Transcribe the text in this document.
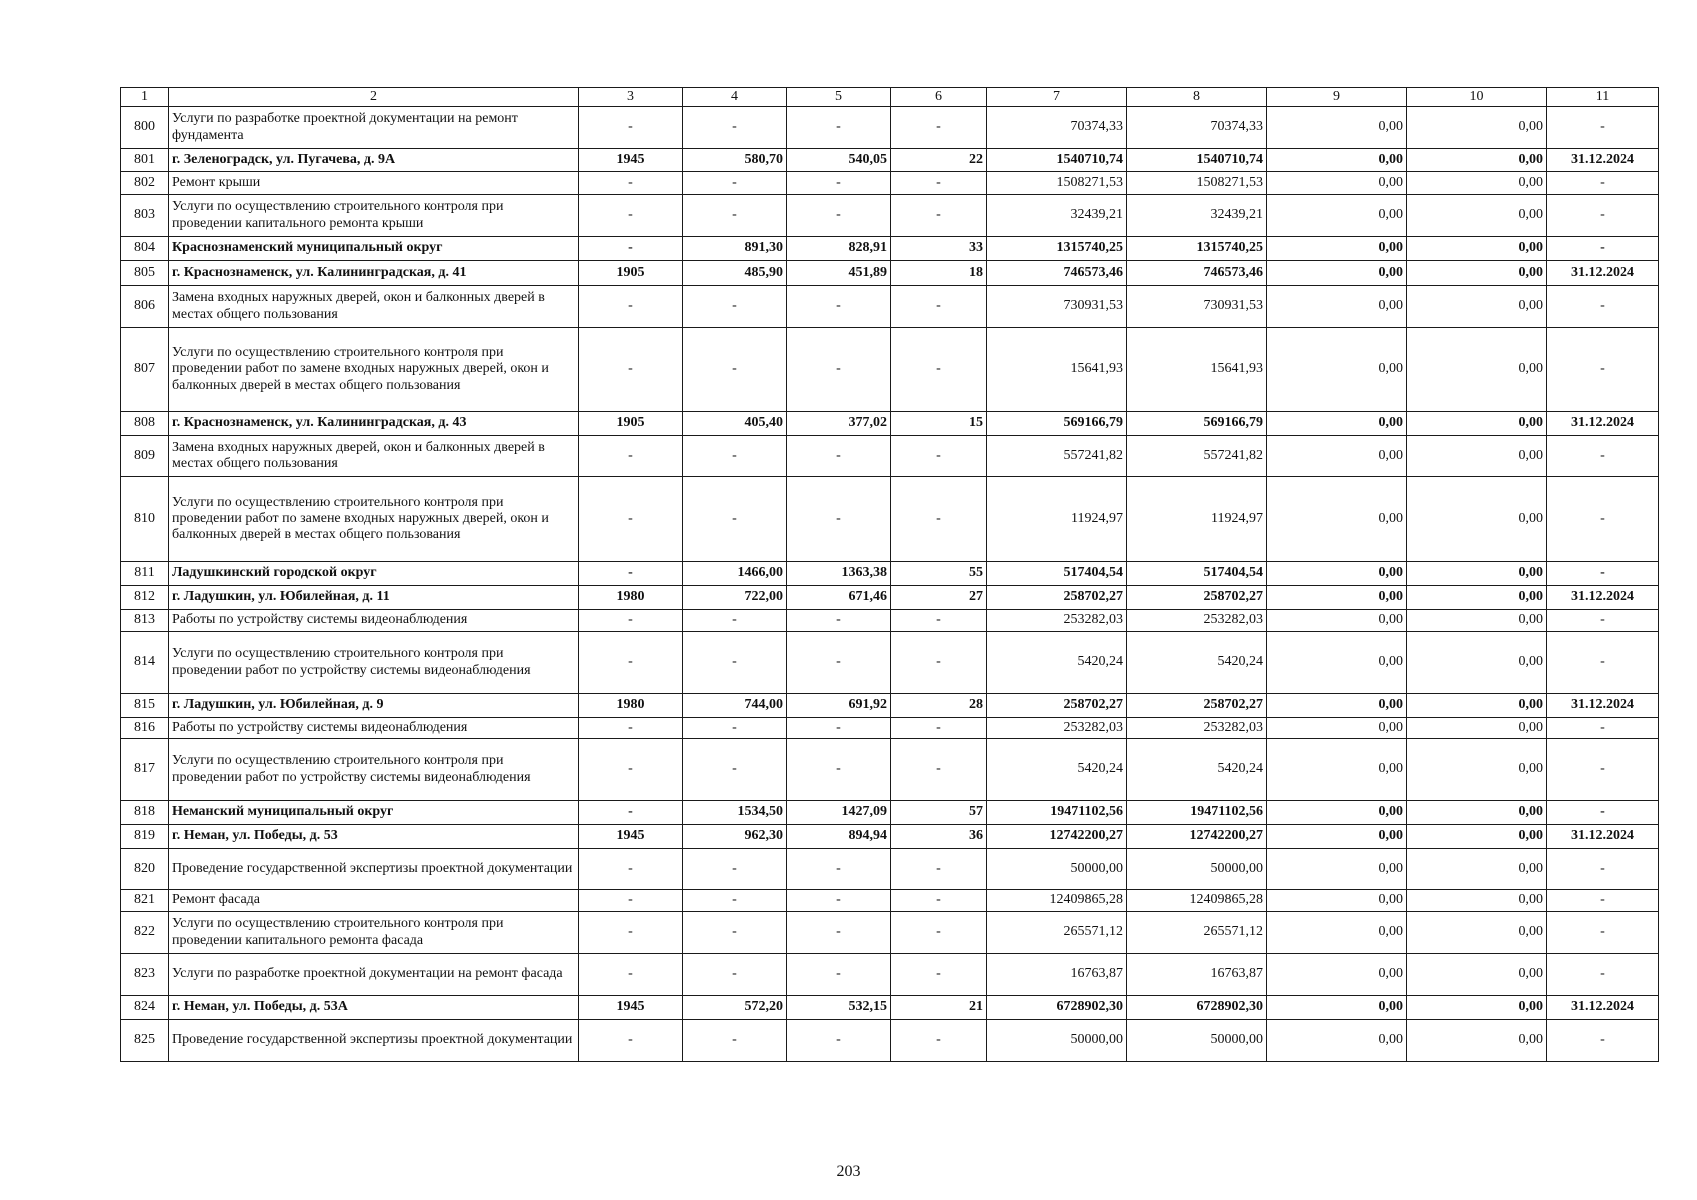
1	2	3	4	5	6	7	8	9	10	11
800	Услуги по разработке проектной документации на ремонт фундамента	-	-	-	-	70374,33	70374,33	0,00	0,00	-
801	г. Зеленоградск, ул. Пугачева, д. 9А	1945	580,70	540,05	22	1540710,74	1540710,74	0,00	0,00	31.12.2024
802	Ремонт крыши	-	-	-	-	1508271,53	1508271,53	0,00	0,00	-
803	Услуги по осуществлению строительного контроля при проведении капитального ремонта крыши	-	-	-	-	32439,21	32439,21	0,00	0,00	-
804	Краснознаменский муниципальный округ	-	891,30	828,91	33	1315740,25	1315740,25	0,00	0,00	-
805	г. Краснознаменск, ул. Калининградская, д. 41	1905	485,90	451,89	18	746573,46	746573,46	0,00	0,00	31.12.2024
806	Замена входных наружных дверей, окон и балконных дверей в местах общего пользования	-	-	-	-	730931,53	730931,53	0,00	0,00	-
807	Услуги по осуществлению строительного контроля при проведении работ по замене входных наружных дверей, окон и балконных дверей в местах общего пользования	-	-	-	-	15641,93	15641,93	0,00	0,00	-
808	г. Краснознаменск, ул. Калининградская, д. 43	1905	405,40	377,02	15	569166,79	569166,79	0,00	0,00	31.12.2024
809	Замена входных наружных дверей, окон и балконных дверей в местах общего пользования	-	-	-	-	557241,82	557241,82	0,00	0,00	-
810	Услуги по осуществлению строительного контроля при проведении работ по замене входных наружных дверей, окон и балконных дверей в местах общего пользования	-	-	-	-	11924,97	11924,97	0,00	0,00	-
811	Ладушкинский городской округ	-	1466,00	1363,38	55	517404,54	517404,54	0,00	0,00	-
812	г. Ладушкин, ул. Юбилейная, д. 11	1980	722,00	671,46	27	258702,27	258702,27	0,00	0,00	31.12.2024
813	Работы по устройству системы видеонаблюдения	-	-	-	-	253282,03	253282,03	0,00	0,00	-
814	Услуги по осуществлению строительного контроля при проведении работ по устройству системы видеонаблюдения	-	-	-	-	5420,24	5420,24	0,00	0,00	-
815	г. Ладушкин, ул. Юбилейная, д. 9	1980	744,00	691,92	28	258702,27	258702,27	0,00	0,00	31.12.2024
816	Работы по устройству системы видеонаблюдения	-	-	-	-	253282,03	253282,03	0,00	0,00	-
817	Услуги по осуществлению строительного контроля при проведении работ по устройству системы видеонаблюдения	-	-	-	-	5420,24	5420,24	0,00	0,00	-
818	Неманский муниципальный округ	-	1534,50	1427,09	57	19471102,56	19471102,56	0,00	0,00	-
819	г. Неман, ул. Победы, д. 53	1945	962,30	894,94	36	12742200,27	12742200,27	0,00	0,00	31.12.2024
820	Проведение государственной экспертизы проектной документации	-	-	-	-	50000,00	50000,00	0,00	0,00	-
821	Ремонт фасада	-	-	-	-	12409865,28	12409865,28	0,00	0,00	-
822	Услуги по осуществлению строительного контроля при проведении капитального ремонта фасада	-	-	-	-	265571,12	265571,12	0,00	0,00	-
823	Услуги по разработке проектной документации на ремонт фасада	-	-	-	-	16763,87	16763,87	0,00	0,00	-
824	г. Неман, ул. Победы, д. 53А	1945	572,20	532,15	21	6728902,30	6728902,30	0,00	0,00	31.12.2024
825	Проведение государственной экспертизы проектной документации	-	-	-	-	50000,00	50000,00	0,00	0,00	-
203
